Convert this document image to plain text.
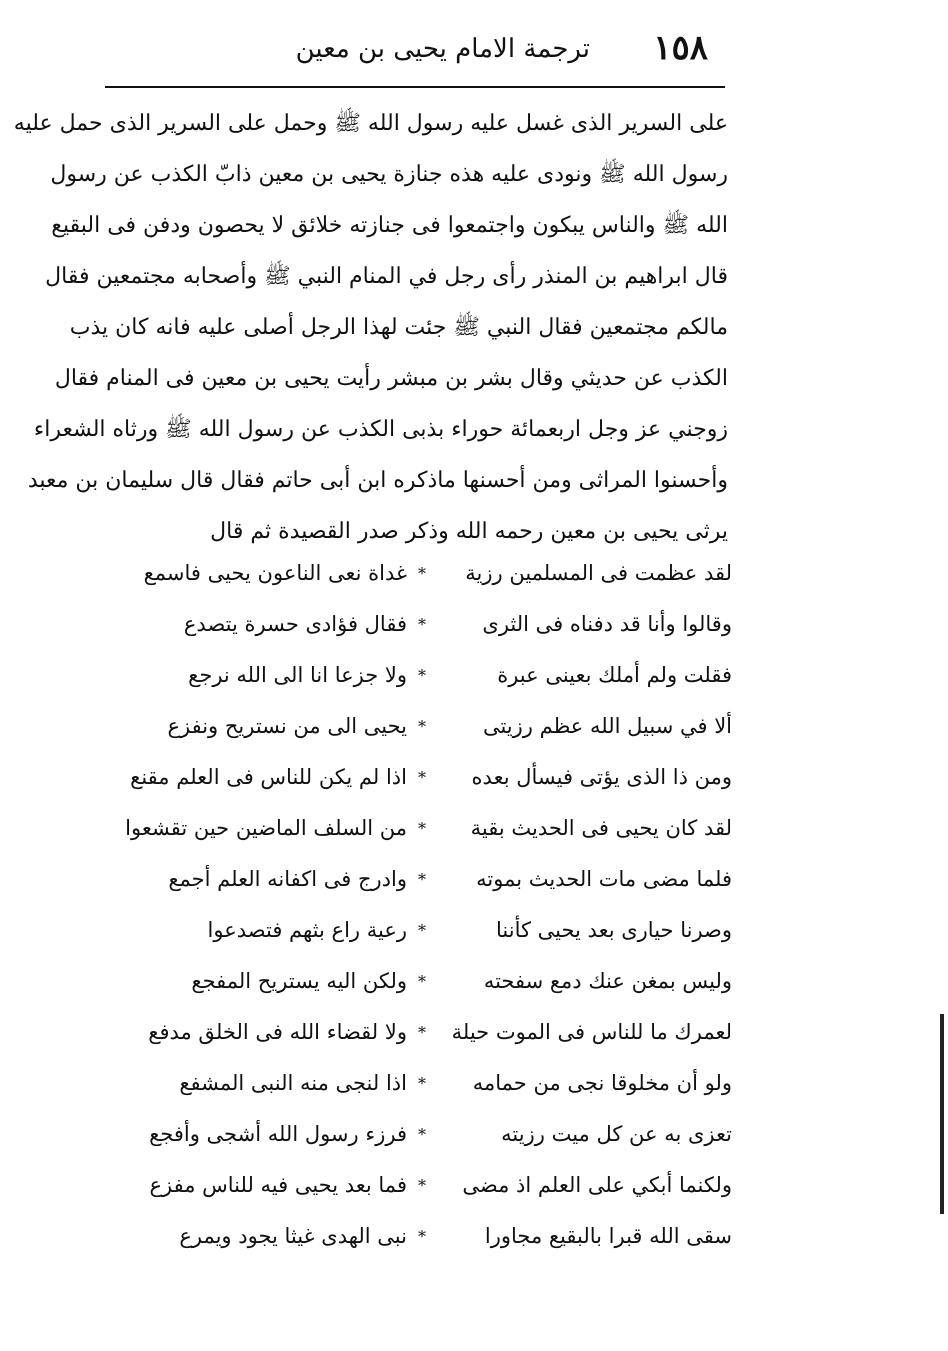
١٥٨
ترجمة الامام يحيى بن معين
على السرير الذى غسل عليه رسول الله ﷺ وحمل على السرير الذى حمل عليه
رسول الله ﷺ ونودى عليه هذه جنازة يحيى بن معين ذابّ الكذب عن رسول
الله ﷺ والناس يبكون واجتمعوا فى جنازته خلائق لا يحصون ودفن فى البقيع
قال ابراهيم بن المنذر رأى رجل في المنام النبي ﷺ وأصحابه مجتمعين فقال
مالكم مجتمعين فقال النبي ﷺ جئت لهذا الرجل أصلى عليه فانه كان يذب
الكذب عن حديثي وقال بشر بن مبشر رأيت يحيى بن معين فى المنام فقال
زوجني عز وجل اربعمائة حوراء بذبى الكذب عن رسول الله ﷺ ورثاه الشعراء
وأحسنوا المراثى ومن أحسنها ماذكره ابن أبى حاتم فقال قال سليمان بن معبد
يرثى يحيى بن معين رحمه الله وذكر صدر القصيدة ثم قال
لقد عظمت فى المسلمين رزية
*
غداة نعى الناعون يحيى فاسمع
وقالوا وأنا قد دفناه فى الثرى
*
فقال فؤادى حسرة يتصدع
فقلت ولم أملك بعينى عبرة
*
ولا جزعا انا الى الله نرجع
ألا في سبيل الله عظم رزيتى
*
يحيى الى من نستريح ونفزع
ومن ذا الذى يؤتى فيسأل بعده
*
اذا لم يكن للناس فى العلم مقنع
لقد كان يحيى فى الحديث بقية
*
من السلف الماضين حين تقشعوا
فلما مضى مات الحديث بموته
*
وادرج فى اكفانه العلم أجمع
وصرنا حيارى بعد يحيى كأننا
*
رعية راع بثهم فتصدعوا
وليس بمغن عنك دمع سفحته
*
ولكن اليه يستريح المفجع
لعمرك ما للناس فى الموت حيلة
*
ولا لقضاء الله فى الخلق مدفع
ولو أن مخلوقا نجى من حمامه
*
اذا لنجى منه النبى المشفع
تعزى به عن كل ميت رزيته
*
فرزء رسول الله أشجى وأفجع
ولكنما أبكي على العلم اذ مضى
*
فما بعد يحيى فيه للناس مفزع
سقى الله قبرا بالبقيع مجاورا
*
نبى الهدى غيثا يجود ويمرع
